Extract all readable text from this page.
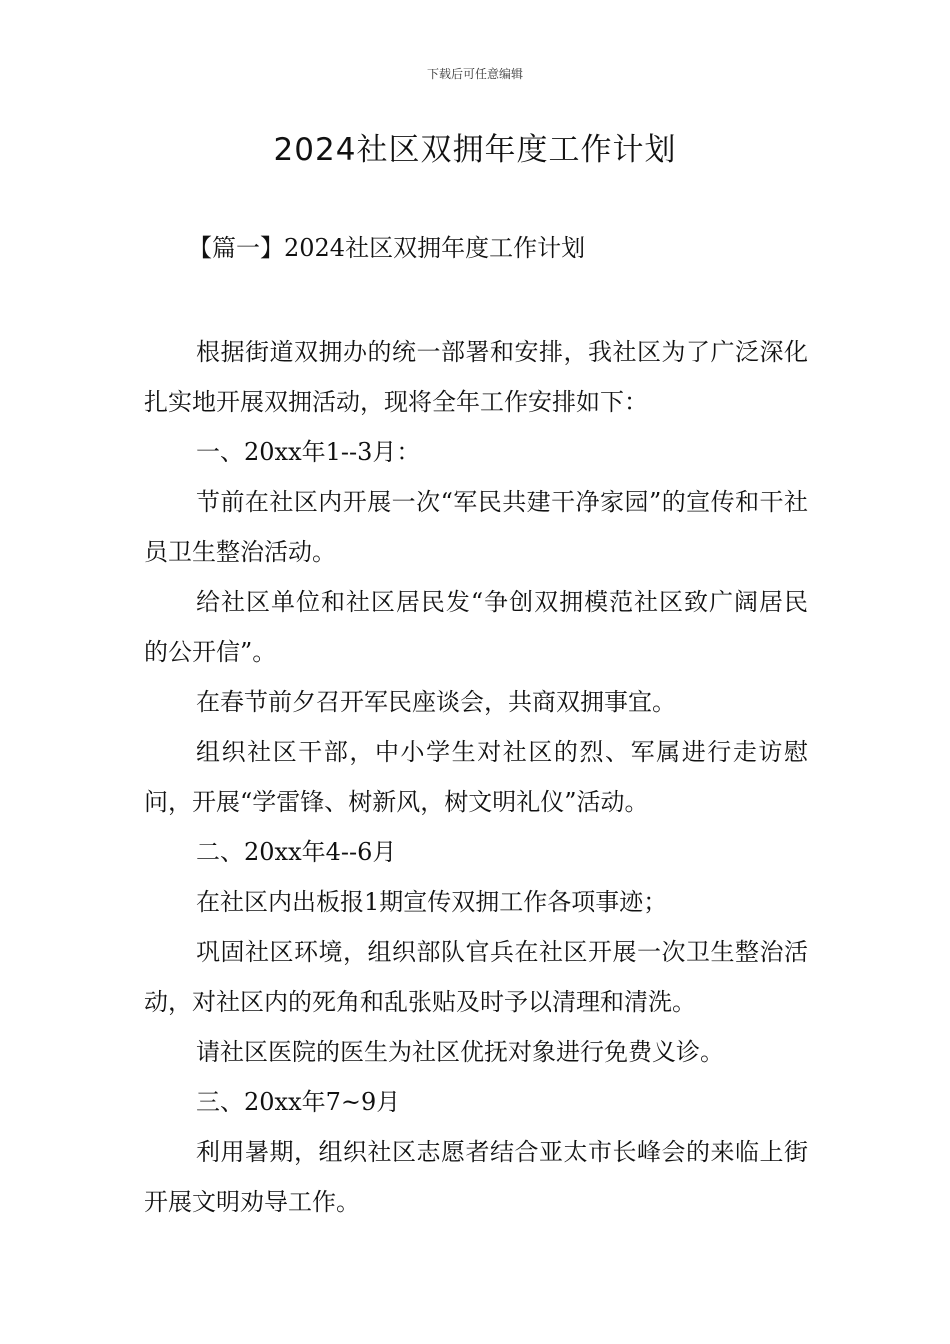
下载后可任意编辑
2024社区双拥年度工作计划
【篇一】2024社区双拥年度工作计划

根据街道双拥办的统一部署和安排，我社区为了广泛深化扎实地开展双拥活动，现将全年工作安排如下：

一、20xx年1--3月：

节前在社区内开展一次“军民共建干净家园”的宣传和干社员卫生整治活动。

给社区单位和社区居民发“争创双拥模范社区致广阔居民的公开信”。

在春节前夕召开军民座谈会，共商双拥事宜。

组织社区干部，中小学生对社区的烈、军属进行走访慰问，开展“学雷锋、树新风，树文明礼仪”活动。

二、20xx年4--6月

在社区内出板报1期宣传双拥工作各项事迹；

巩固社区环境，组织部队官兵在社区开展一次卫生整治活动，对社区内的死角和乱张贴及时予以清理和清洗。

请社区医院的医生为社区优抚对象进行免费义诊。

三、20xx年7~9月

利用暑期，组织社区志愿者结合亚太市长峰会的来临上街开展文明劝导工作。
